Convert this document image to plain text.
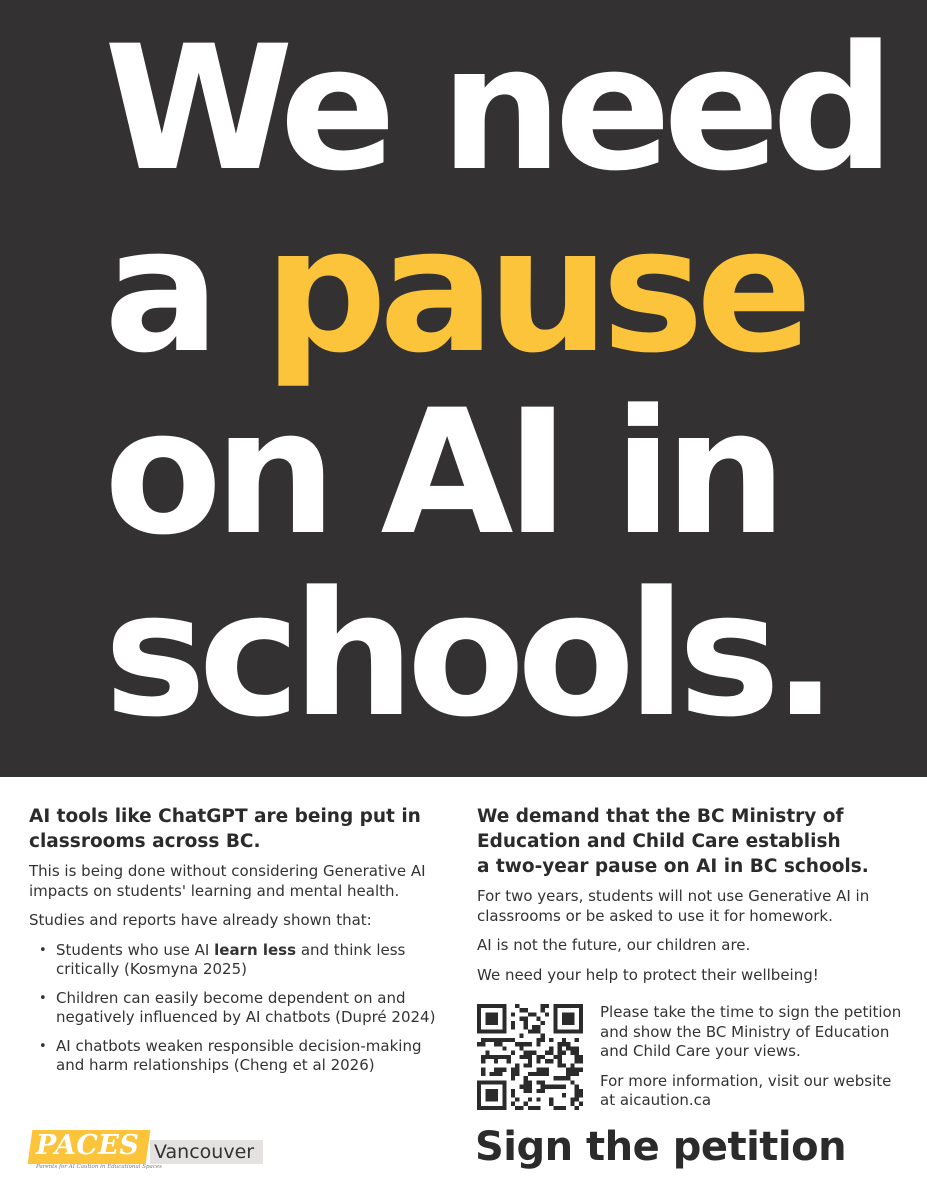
We need
a pause
on AI in
schools.
AI tools like ChatGPT are being put in classrooms across BC.

This is being done without considering Generative AI impacts on students' learning and mental health.

Studies and reports have already shown that:

• Students who use AI learn less and think less critically (Kosmyna 2025)
• Children can easily become dependent on and negatively influenced by AI chatbots (Dupré 2024)
• AI chatbots weaken responsible decision-making and harm relationships (Cheng et al 2026)
We demand that the BC Ministry of
Education and Child Care establish
a two-year pause on AI in BC schools.

For two years, students will not use Generative AI in classrooms or be asked to use it for homework.

AI is not the future, our children are.

We need your help to protect their wellbeing!

Please take the time to sign the petition and show the BC Ministry of Education and Child Care your views.

For more information, visit our website at aicaution.ca

Sign the petition
PACES Vancouver
Parents for AI Caution in Educational Spaces
